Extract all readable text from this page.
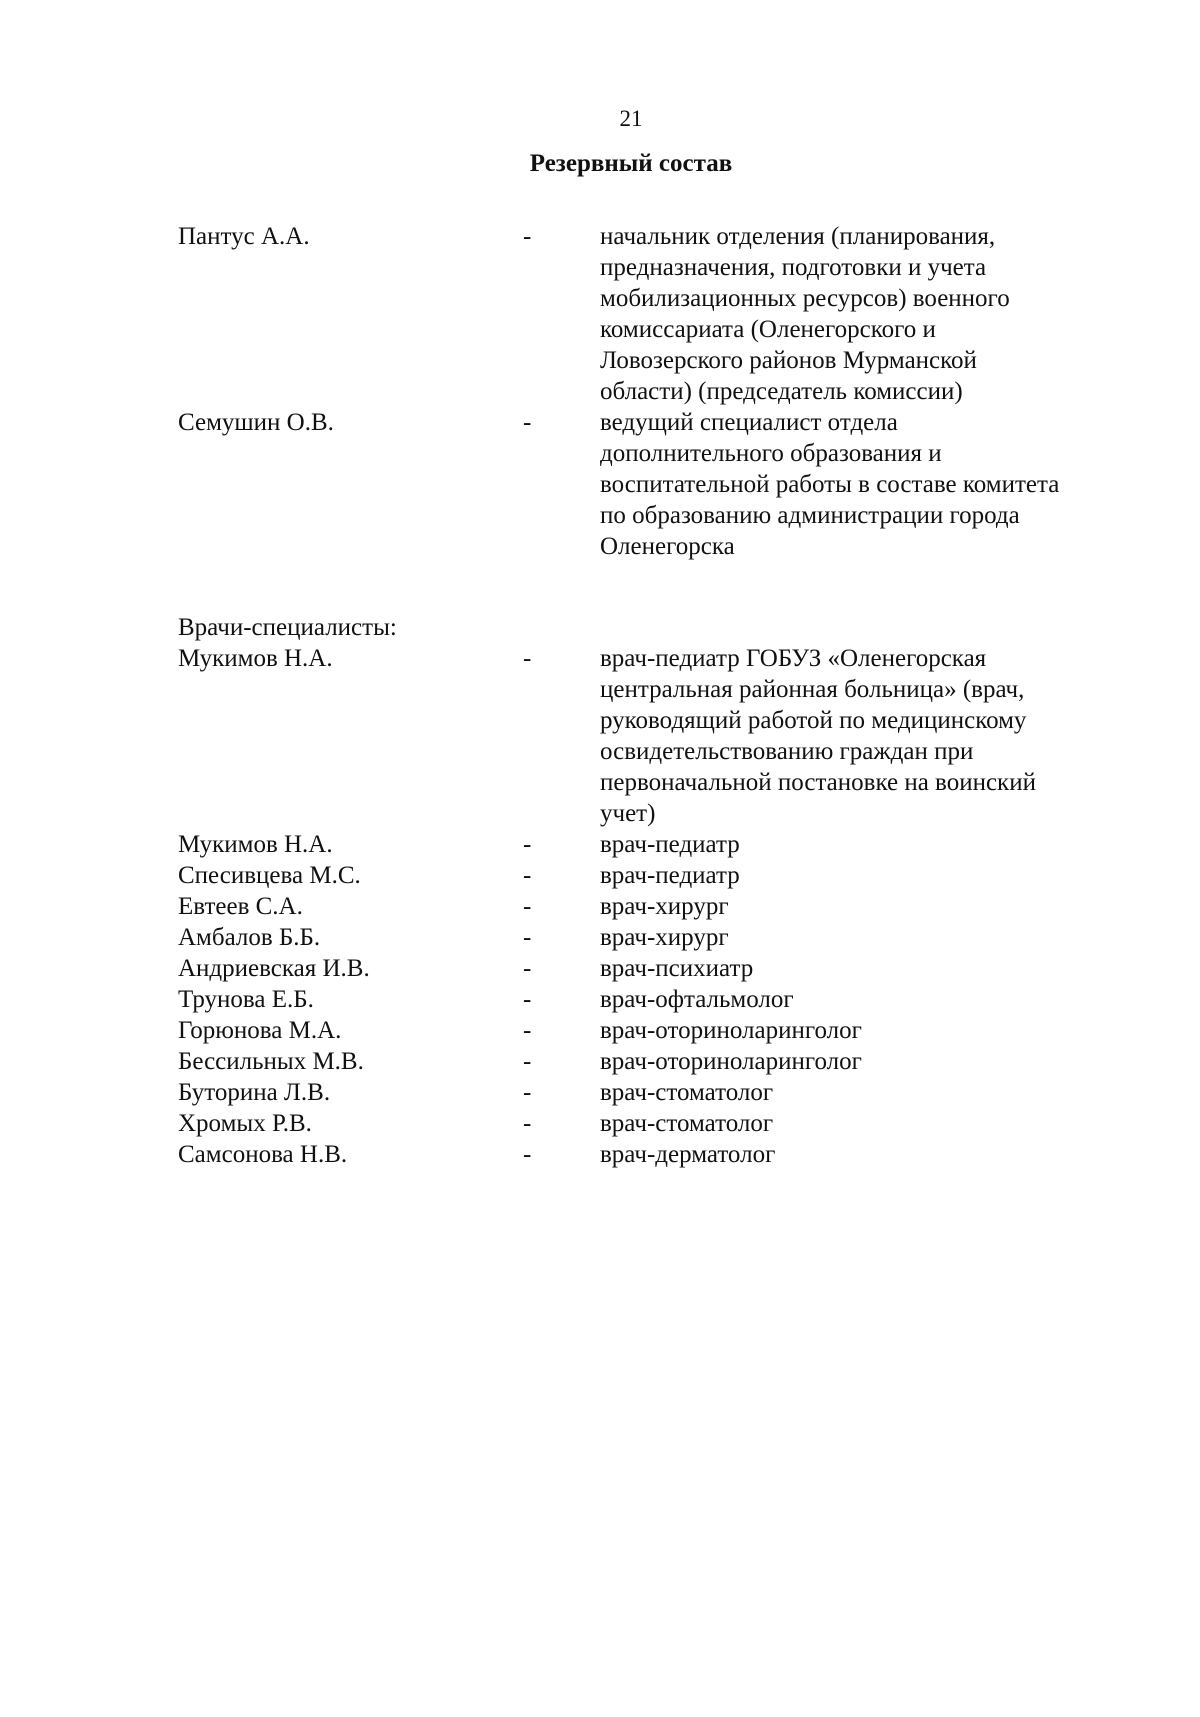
21
Резервный состав
Пантус А.А.	-	начальник отделения (планирования,
предназначения, подготовки и учета
мобилизационных ресурсов) военного
комиссариата (Оленегорского и
Ловозерского районов Мурманской
области) (председатель комиссии)
Семушин О.В.	-	ведущий специалист отдела
дополнительного образования и
воспитательной работы в составе комитета
по образованию администрации города
Оленегорска
Врачи-специалисты:
Мукимов Н.А.	-	врач-педиатр ГОБУЗ «Оленегорская
центральная районная больница» (врач,
руководящий работой по медицинскому
освидетельствованию граждан при
первоначальной постановке на воинский
учет)
Мукимов Н.А.	-	врач-педиатр
Спесивцева М.С.	-	врач-педиатр
Евтеев С.А.	-	врач-хирург
Амбалов Б.Б.	-	врач-хирург
Андриевская И.В.	-	врач-психиатр
Трунова Е.Б.	-	врач-офтальмолог
Горюнова М.А.	-	врач-оториноларинголог
Бессильных М.В.	-	врач-оториноларинголог
Буторина Л.В.	-	врач-стоматолог
Хромых Р.В.	-	врач-стоматолог
Самсонова Н.В.	-	врач-дерматолог
